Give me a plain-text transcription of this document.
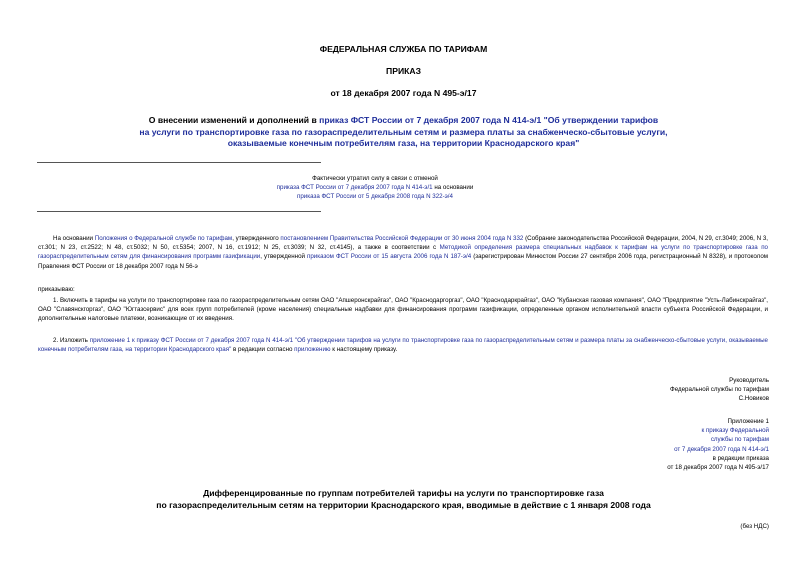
ФЕДЕРАЛЬНАЯ СЛУЖБА ПО ТАРИФАМ
ПРИКАЗ
от 18 декабря 2007 года N 495-э/17
О внесении изменений и дополнений в приказ ФСТ России от 7 декабря 2007 года N 414-э/1 "Об утверждении тарифов
на услуги по транспортировке газа по газораспределительным сетям и размера платы за снабженческо-сбытовые услуги,
оказываемые конечным потребителям газа, на территории Краснодарского края"
Фактически утратил силу в связи с отменой
приказа ФСТ России от 7 декабря 2007 года N 414-э/1 на основании
приказа ФСТ России от 5 декабря 2008 года N 322-э/4

На основании Положения о Федеральной службе по тарифам, утвержденного постановлением Правительства Российской Федерации от 30 июня 2004 года N 332 (Собрание законодательства Российской Федерации, 2004, N 29, ст.3049; 2006, N 3, ст.301; N 23, ст.2522; N 48, ст.5032; N 50, ст.5354; 2007, N 16, ст.1912; N 25, ст.3039; N 32, ст.4145), а также в соответствии с Методикой определения размера специальных надбавок к тарифам на услуги по транспортировке газа по газораспределительным сетям для финансирования программ газификации, утвержденной приказом ФСТ России от 15 августа 2006 года N 187-э/4 (зарегистрирован Минюстом России 27 сентября 2006 года, регистрационный N 8328), и протоколом Правления ФСТ России от 18 декабря 2007 года N 56-э

приказываю:

1. Включить в тарифы на услуги по транспортировке газа по газораспределительным сетям ОАО "Апшеронскрайгаз", ОАО "Краснодаргоргаз", ОАО "Краснодаркрайгаз", ОАО "Кубанская газовая компания", ОАО "Предприятие "Усть-Лабинскрайгаз", ОАО "Славянскгоргаз", ОАО "Югтазсервис" для всех групп потребителей (кроме населения) специальные надбавки для финансирования программ газификации, определенные органом исполнительной власти субъекта Российской Федерации, и дополнительные налоговые платежи, возникающие от их введения.

2. Изложить приложение 1 к приказу ФСТ России от 7 декабря 2007 года N 414-э/1 "Об утверждении тарифов на услуги по транспортировке газа по газораспределительным сетям и размера платы за снабженческо-сбытовые услуги, оказываемые конечным потребителям газа, на территории Краснодарского края" в редакции согласно приложению к настоящему приказу.

Руководитель
Федеральной службы по тарифам
С.Новиков
Приложение 1
к приказу Федеральной
службы по тарифам
от 7 декабря 2007 года N 414-э/1
в редакции приказа
от 18 декабря 2007 года N 495-э/17
Дифференцированные по группам потребителей тарифы на услуги по транспортировке газа
по газораспределительным сетям на территории Краснодарского края, вводимые в действие с 1 января 2008 года
(без НДС)
